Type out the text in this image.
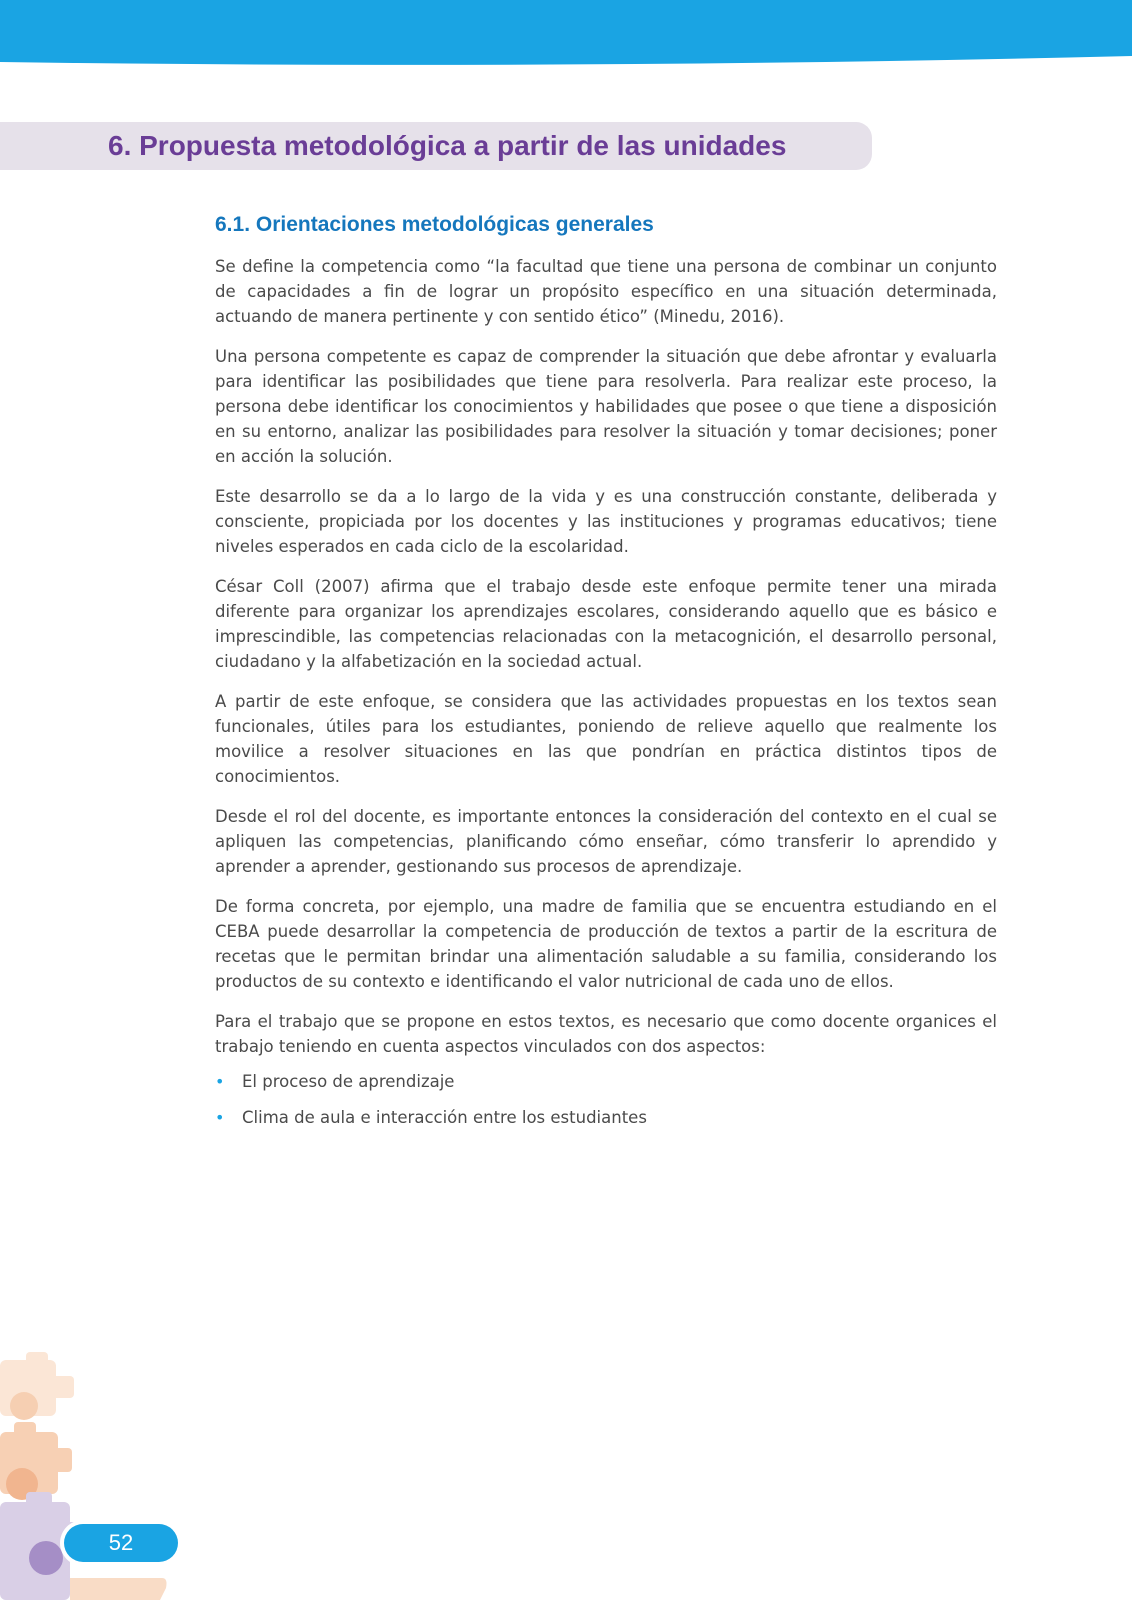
6. Propuesta metodológica a partir de las unidades
6.1. Orientaciones metodológicas generales

Se define la competencia como “la facultad que tiene una persona de combinar un conjunto de capacidades a fin de lograr un propósito específico en una situación determinada, actuando de manera pertinente y con sentido ético” (Minedu, 2016).

Una persona competente es capaz de comprender la situación que debe afrontar y evaluarla para identificar las posibilidades que tiene para resolverla. Para realizar este proceso, la persona debe identificar los conocimientos y habilidades que posee o que tiene a disposición en su entorno, analizar las posibilidades para resolver la situación y tomar decisiones; poner en acción la solución.

Este desarrollo se da a lo largo de la vida y es una construcción constante, deliberada y consciente, propiciada por los docentes y las instituciones y programas educativos; tiene niveles esperados en cada ciclo de la escolaridad.

César Coll (2007) afirma que el trabajo desde este enfoque permite tener una mirada diferente para organizar los aprendizajes escolares, considerando aquello que es básico e imprescindible, las competencias relacionadas con la metacognición, el desarrollo personal, ciudadano y la alfabetización en la sociedad actual.

A partir de este enfoque, se considera que las actividades propuestas en los textos sean funcionales, útiles para los estudiantes, poniendo de relieve aquello que realmente los movilice a resolver situaciones en las que pondrían en práctica distintos tipos de conocimientos.

Desde el rol del docente, es importante entonces la consideración del contexto en el cual se apliquen las competencias, planificando cómo enseñar, cómo transferir lo aprendido y aprender a aprender, gestionando sus procesos de aprendizaje.

De forma concreta, por ejemplo, una madre de familia que se encuentra estudiando en el CEBA puede desarrollar la competencia de producción de textos a partir de la escritura de recetas que le permitan brindar una alimentación saludable a su familia, considerando los productos de su contexto e identificando el valor nutricional de cada uno de ellos.

Para el trabajo que se propone en estos textos, es necesario que como docente organices el trabajo teniendo en cuenta aspectos vinculados con dos aspectos:

• El proceso de aprendizaje
• Clima de aula e interacción entre los estudiantes
52
